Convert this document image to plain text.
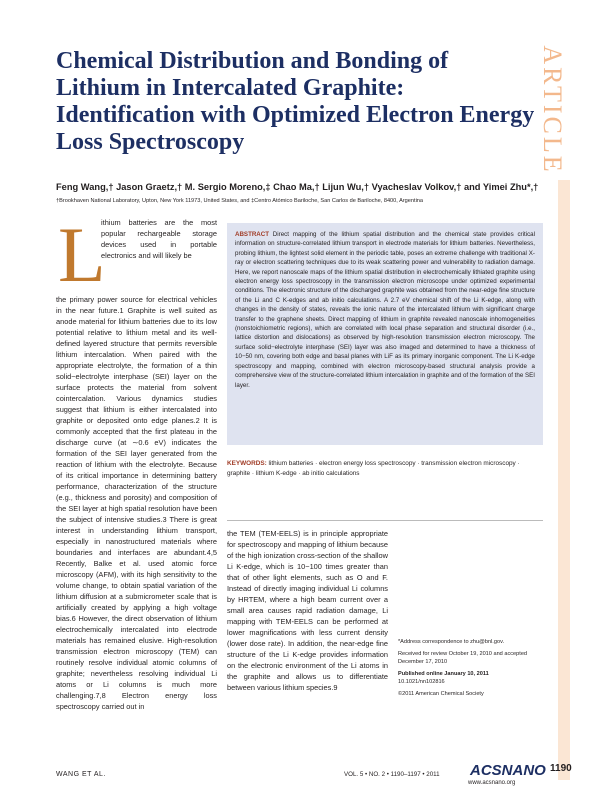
ARTICLE
Chemical Distribution and Bonding of Lithium in Intercalated Graphite: Identification with Optimized Electron Energy Loss Spectroscopy
Feng Wang,† Jason Graetz,† M. Sergio Moreno,‡ Chao Ma,† Lijun Wu,† Vyacheslav Volkov,† and Yimei Zhu*,†
†Brookhaven National Laboratory, Upton, New York 11973, United States, and ‡Centro Atómico Bariloche, San Carlos de Bariloche, 8400, Argentina
L
ithium batteries are the most popular rechargeable storage devices used in portable electronics and will likely be
the primary power source for electrical vehicles in the near future.1 Graphite is well suited as anode material for lithium batteries due to its low potential relative to lithium metal and its well-defined layered structure that permits reversible lithium intercalation. When paired with the appropriate electrolyte, the formation of a thin solid−electrolyte interphase (SEI) layer on the surface protects the material from solvent cointercalation. Various dynamics studies suggest that lithium is either intercalated into graphite or deposited onto edge planes.2 It is commonly accepted that the first plateau in the discharge curve (at ∼0.6 eV) indicates the formation of the SEI layer generated from the reaction of lithium with the electrolyte. Because of its critical importance in determining battery performance, characterization of the structure (e.g., thickness and porosity) and composition of the SEI layer at high spatial resolution have been the subject of intensive studies.3 There is great interest in understanding lithium transport, especially in nanostructured materials where boundaries and interfaces are abundant.4,5 Recently, Balke et al. used atomic force microscopy (AFM), with its high sensitivity to the volume change, to obtain spatial variation of the lithium diffusion at a submicrometer scale that is artificially created by applying a high voltage bias.6 However, the direct observation of lithium electrochemically intercalated into electrode materials has remained elusive. High-resolution transmission electron microscopy (TEM) can routinely resolve individual atomic columns of graphite; nevertheless resolving individual Li atoms or Li columns is much more challenging.7,8 Electron energy loss spectroscopy carried out in

ABSTRACT Direct mapping of the lithium spatial distribution and the chemical state provides critical information on structure-correlated lithium transport in electrode materials for lithium batteries. Nevertheless, probing lithium, the lightest solid element in the periodic table, poses an extreme challenge with traditional X-ray or electron scattering techniques due to its weak scattering power and vulnerability to radiation damage. Here, we report nanoscale maps of the lithium spatial distribution in electrochemically lithiated graphite using electron energy loss spectroscopy in the transmission electron microscope under optimized experimental conditions. The electronic structure of the discharged graphite was obtained from the near-edge fine structure of the Li and C K-edges and ab initio calculations. A 2.7 eV chemical shift of the Li K-edge, along with changes in the density of states, reveals the ionic nature of the intercalated lithium with significant charge transfer to the graphene sheets. Direct mapping of lithium in graphite revealed nanoscale inhomogeneities (nonstoichiometric regions), which are correlated with local phase separation and structural disorder (i.e., lattice distortion and dislocations) as observed by high-resolution transmission electron microscopy. The surface solid−electrolyte interphase (SEI) layer was also imaged and determined to have a thickness of 10−50 nm, covering both edge and basal planes with LiF as its primary inorganic component. The Li K-edge spectroscopy and mapping, combined with electron microscopy-based structural analysis provide a comprehensive view of the structure-correlated lithium intercalation in graphite and of the formation of the SEI layer.

KEYWORDS: lithium batteries · electron energy loss spectroscopy · transmission electron microscopy · graphite · lithium K-edge · ab initio calculations
the TEM (TEM-EELS) is in principle appropriate for spectroscopy and mapping of lithium because of the high ionization cross-section of the shallow Li K-edge, which is 10−100 times greater than that of other light elements, such as O and F. Instead of directly imaging individual Li columns by HRTEM, where a high beam current over a small area causes rapid radiation damage, Li mapping with TEM-EELS can be performed at lower magnifications with less current density (lower dose rate). In addition, the near-edge fine structure of the Li K-edge provides information on the electronic environment of the Li atoms in the graphite and allows us to differentiate between various lithium species.9
*Address correspondence to zhu@bnl.gov.
Received for review October 19, 2010 and accepted December 17, 2010
Published online January 10, 2011
10.1021/nn102816
©2011 American Chemical Society
WANG ET AL.	VOL. 5 • NO. 2 • 1190–1197 • 2011 ACSNANO 1190
www.acsnano.org
